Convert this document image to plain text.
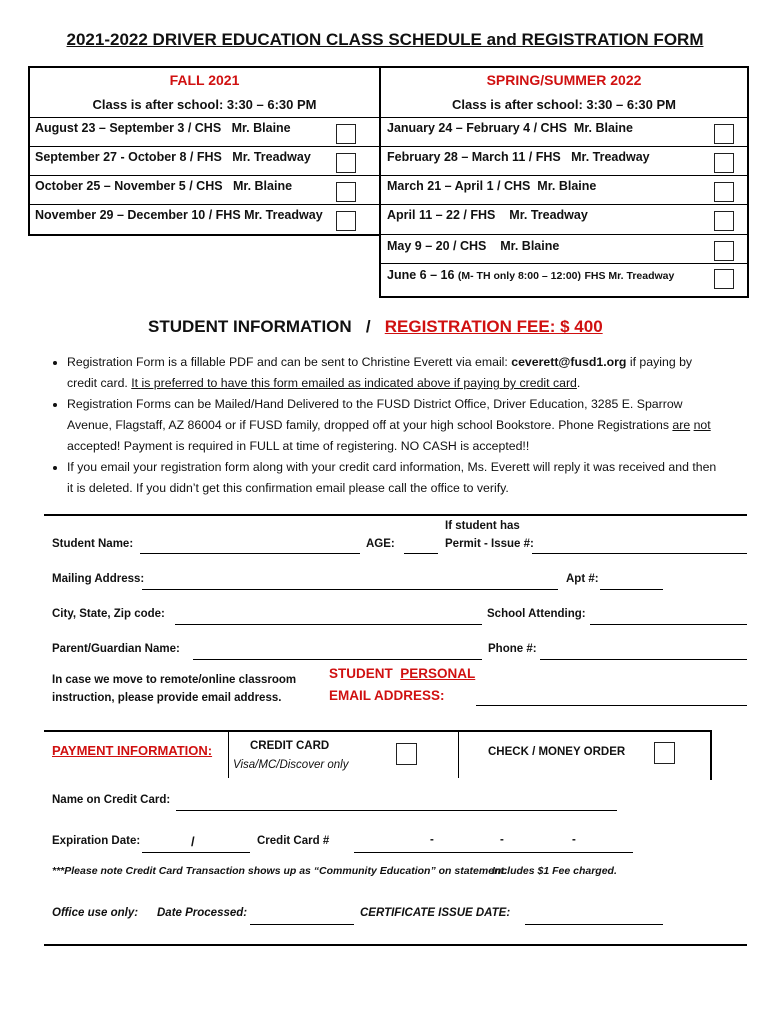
2021-2022 DRIVER EDUCATION CLASS SCHEDULE and REGISTRATION FORM
FALL 2021
Class is after school: 3:30 – 6:30 PM
SPRING/SUMMER 2022
Class is after school: 3:30 – 6:30 PM
August 23 – September 3 / CHS Mr. Blaine
September 27 - October 8 / FHS Mr. Treadway
October 25 – November 5 / CHS Mr. Blaine
November 29 – December 10 / FHS Mr. Treadway
January 24 – February 4 / CHS Mr. Blaine
February 28 – March 11 / FHS Mr. Treadway
March 21 – April 1 / CHS Mr. Blaine
April 11 – 22 / FHS Mr. Treadway
May 9 – 20 / CHS Mr. Blaine
June 6 – 16 (M- TH only 8:00 – 12:00) FHS Mr. Treadway
STUDENT INFORMATION / REGISTRATION FEE: $ 400
• Registration Form is a fillable PDF and can be sent to Christine Everett via email: ceverett@fusd1.org if paying by credit card. It is preferred to have this form emailed as indicated above if paying by credit card.
• Registration Forms can be Mailed/Hand Delivered to the FUSD District Office, Driver Education, 3285 E. Sparrow Avenue, Flagstaff, AZ 86004 or if FUSD family, dropped off at your high school Bookstore. Phone Registrations are not accepted! Payment is required in FULL at time of registering. NO CASH is accepted!!
• If you email your registration form along with your credit card information, Ms. Everett will reply it was received and then it is deleted. If you didn’t get this confirmation email please call the office to verify.
If student has
Student Name:	AGE:	Permit - Issue #:
Mailing Address:	Apt #:
City, State, Zip code:	School Attending:
Parent/Guardian Name:	Phone #:
In case we move to remote/online classroom
instruction, please provide email address.
STUDENT PERSONAL
EMAIL ADDRESS:
PAYMENT INFORMATION:	CREDIT CARD
Visa/MC/Discover only
CHECK / MONEY ORDER
Name on Credit Card:
Expiration Date:	/	Credit Card #	-	-	-
***Please note Credit Card Transaction shows up as “Community Education” on statement.
Includes $1 Fee charged.
Office use only: Date Processed:	CERTIFICATE ISSUE DATE:
